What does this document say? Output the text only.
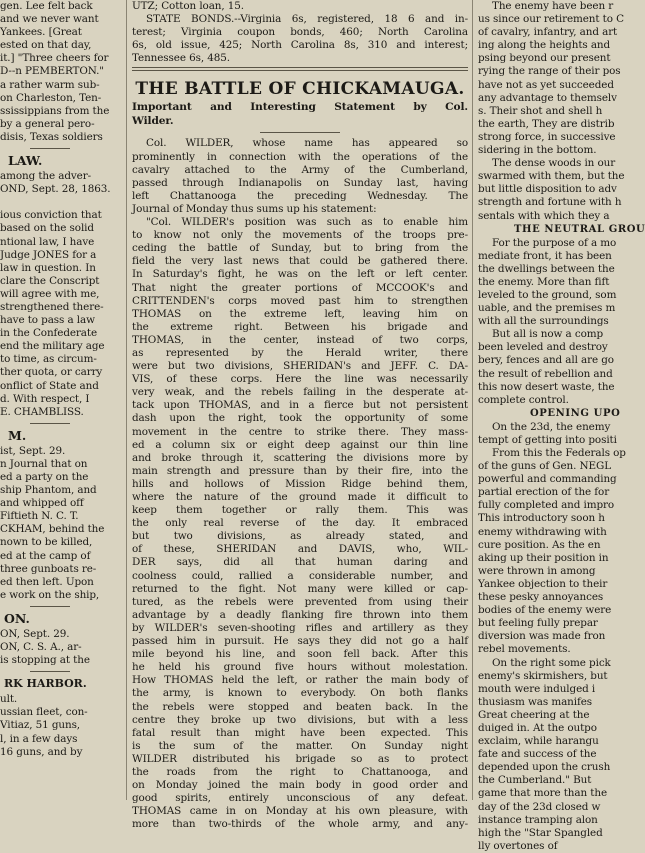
gen. Lee felt back
and we never want
Yankees. [Great
ested on that day,
it.] "Three cheers for
D--n PEMBERTON."
a rather warm sub-
on Charleston, Ten-
ssissippians from the
by a general pero-
disis, Texas soldiers
LAW.
among the adver-
OND, Sept. 28, 1863.

ious conviction that
based on the solid
ntional law, I have
Judge JONES for a
law in question. In
clare the Conscript
will agree with me,
strengthened there-
have to pass a law
in the Confederate
end the military age
to time, as circum-
ther quota, or carry
onflict of State and
d. With respect, I
E. CHAMBLISS.
M.
ist, Sept. 29.
n Journal that on
ed a party on the
ship Phantom, and
and whipped off
Fiftieth N. C. T.
CKHAM, behind the
nown to be killed,
ed at the camp of
three gunboats re-
ed then left. Upon
e work on the ship,
ON.
ON, Sept. 29.
ON, C. S. A., ar-
is stopping at the
RK HARBOR.
ult.
ussian fleet, con-
Vitiaz, 51 guns,
l, in a few days
16 guns, and by
UTZ; Cotton loan, 15.
STATE BONDS.--Virginia 6s, registered, 18 6 and in-
terest; Virginia coupon bonds, 460; North Carolina
6s, old issue, 425; North Carolina 8s, 310 and interest;
Tennessee 6s, 485.
THE BATTLE OF CHICKAMAUGA.
Important and Interesting Statement by Col.
Wilder.
Col. WILDER, whose name has appeared so
prominently in connection with the operations of the
cavalry attached to the Army of the Cumberland,
passed through Indianapolis on Sunday last, having
left Chattanooga the preceding Wednesday. The
Journal of Monday thus sums up his statement:
"Col. WILDER's position was such as to enable him
to know not only the movements of the troops pre-
ceding the battle of Sunday, but to bring from the
field the very last news that could be gathered there.
In Saturday's fight, he was on the left or left center.
That night the greater portions of MCCOOK's and
CRITTENDEN's corps moved past him to strengthen
THOMAS on the extreme left, leaving him on
the extreme right. Between his brigade and
THOMAS, in the center, instead of two corps,
as represented by the Herald writer, there
were but two divisions, SHERIDAN's and JEFF. C. DA-
VIS, of these corps. Here the line was necessarily
very weak, and the rebels failing in the desperate at-
tack upon THOMAS, and in a fierce but not persistent
dash upon the right, took the opportunity of some
movement in the centre to strike there. They mass-
ed a column six or eight deep against our thin line
and broke through it, scattering the divisions more by
main strength and pressure than by their fire, into the
hills and hollows of Mission Ridge behind them,
where the nature of the ground made it difficult to
keep them together or rally them. This was
the only real reverse of the day. It embraced
but two divisions, as already stated, and
of these, SHERIDAN and DAVIS, who, WIL-
DER says, did all that human daring and
coolness could, rallied a considerable number, and
returned to the fight. Not many were killed or cap-
tured, as the rebels were prevented from using their
advantage by a deadly flanking fire thrown into them
by WILDER's seven-shooting rifles and artillery as they
passed him in pursuit. He says they did not go a half
mile beyond his line, and soon fell back. After this
he held his ground five hours without molestation.
How THOMAS held the left, or rather the main body of
the army, is known to everybody. On both flanks
the rebels were stopped and beaten back. In the
centre they broke up two divisions, but with a less
fatal result than might have been expected. This
is the sum of the matter. On Sunday night
WILDER distributed his brigade so as to protect
the roads from the right to Chattanooga, and
on Monday joined the main body in good order and
good spirits, entirely unconscious of any defeat.
THOMAS came in on Monday at his own pleasure, with
more than two-thirds of the whole army, and any-
The enemy have been r
us since our retirement to C
of cavalry, infantry, and art
ing along the heights and
psing beyond our present
rying the range of their pos
have not as yet succeeded
any advantage to themselv
s. Their shot and shell h
the earth, They are distrib
strong force, in successive
sidering in the bottom.
The dense woods in our
swarmed with them, but the
but little disposition to adv
strength and fortune with h
sentals with which they a
THE NEUTRAL GROU
For the purpose of a mo
mediate front, it has been
the dwellings between the
the enemy. More than fift
leveled to the ground, som
uable, and the premises m
with all the surroundings
But all is now a comp
been leveled and destroy
bery, fences and all are go
the result of rebellion and
this now desert waste, the
complete control.
OPENING UPO
On the 23d, the enemy
tempt of getting into positi
From this the Federals op
of the guns of Gen. NEGL
powerful and commanding
partial erection of the for
fully completed and impro
This introductory soon h
enemy withdrawing with
cure position. As the en
aking up their position in
were thrown in among
Yankee objection to their
these pesky annoyances
bodies of the enemy were
but feeling fully prepar
diversion was made fron
rebel movements.
On the right some pick
enemy's skirmishers, but
mouth were indulged i
thusiasm was manifes
Great cheering at the
duiged in. At the outpo
exclaim, while harangu
fate and success of the
depended upon the crush
the Cumberland." But
game that more than the
day of the 23d closed w
instance tramping alon
high the "Star Spangled
lly overtones of
